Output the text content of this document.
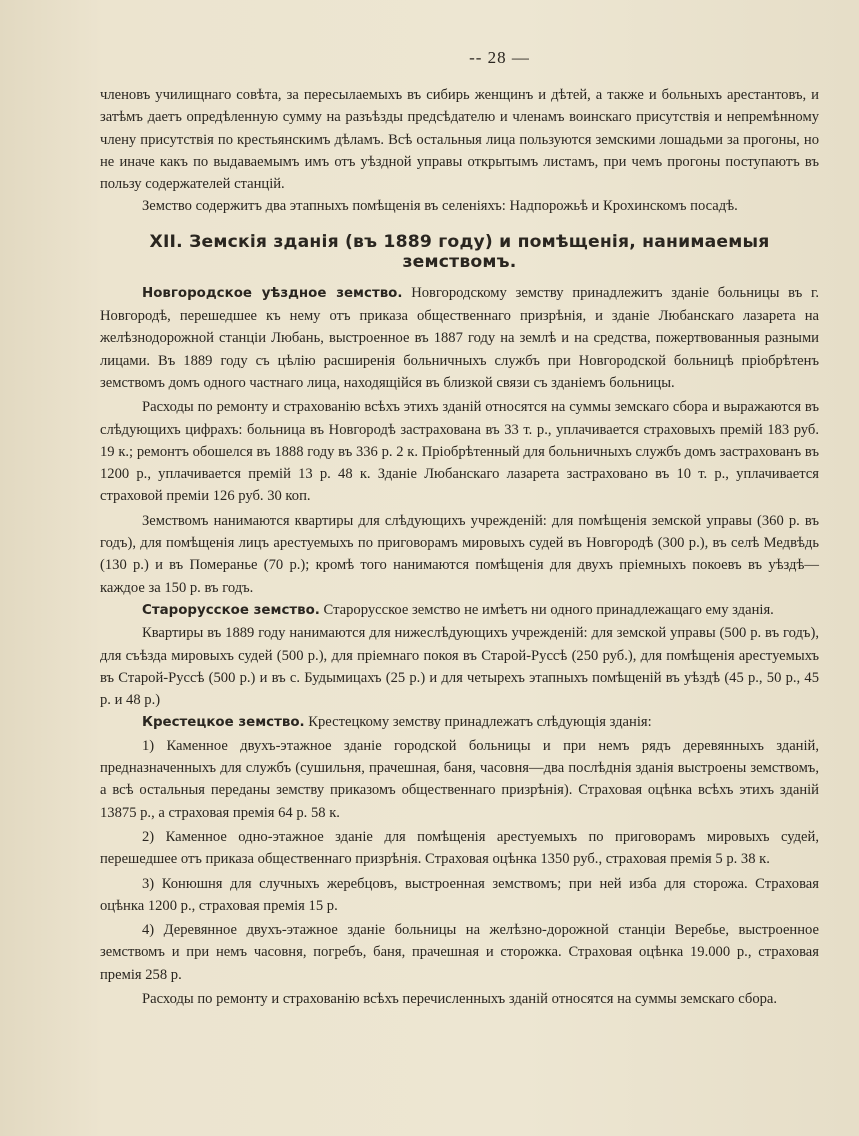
-- 28 —

членовъ училищнаго совѣта, за пересылаемыхъ въ сибирь женщинъ и дѣтей, а также и больныхъ арестантовъ, и затѣмъ даетъ опредѣленную сумму на разъѣзды предсѣдателю и членамъ воинскаго присутствія и непремѣнному члену присутствія по крестьянскимъ дѣламъ. Всѣ остальныя лица пользуются земскими лошадьми за прогоны, но не иначе какъ по выдаваемымъ имъ отъ уѣздной управы открытымъ листамъ, при чемъ прогоны поступаютъ въ пользу содержателей станцій.

Земство содержитъ два этапныхъ помѣщенія въ селеніяхъ: Надпорожьѣ и Крохинскомъ посадѣ.

XII. Земскія зданія (въ 1889 году) и помѣщенія, нанимаемыя земствомъ.

Новгородское уѣздное земство. Новгородскому земству принадлежитъ зданіе больницы въ г. Новгородѣ, перешедшее къ нему отъ приказа общественнаго призрѣнія, и зданіе Любанскаго лазарета на желѣзнодорожной станціи Любань, выстроенное въ 1887 году на землѣ и на средства, пожертвованныя разными лицами. Въ 1889 году съ цѣлію расширенія больничныхъ службъ при Новгородской больницѣ пріобрѣтенъ земствомъ домъ одного частнаго лица, находящійся въ близкой связи съ зданіемъ больницы.

Расходы по ремонту и страхованію всѣхъ этихъ зданій относятся на суммы земскаго сбора и выражаются въ слѣдующихъ цифрахъ: больница въ Новгородѣ застрахована въ 33 т. р., уплачивается страховыхъ премій 183 руб. 19 к.; ремонтъ обошелся въ 1888 году въ 336 р. 2 к. Пріобрѣтенный для больничныхъ службъ домъ застрахованъ въ 1200 р., уплачивается премій 13 р. 48 к. Зданіе Любанскаго лазарета застраховано въ 10 т. р., уплачивается страховой преміи 126 руб. 30 коп.

Земствомъ нанимаются квартиры для слѣдующихъ учрежденій: для помѣщенія земской управы (360 р. въ годъ), для помѣщенія лицъ арестуемыхъ по приговорамъ мировыхъ судей въ Новгородѣ (300 р.), въ селѣ Медвѣдь (130 р.) и въ Померанье (70 р.); кромѣ того нанимаются помѣщенія для двухъ пріемныхъ покоевъ въ уѣздѣ—каждое за 150 р. въ годъ.

Старорусское земство. Старорусское земство не имѣетъ ни одного принадлежащаго ему зданія.

Квартиры въ 1889 году нанимаются для нижеслѣдующихъ учрежденій: для земской управы (500 р. въ годъ), для съѣзда мировыхъ судей (500 р.), для пріемнаго покоя въ Старой-Руссѣ (250 руб.), для помѣщенія арестуемыхъ въ Старой-Руссѣ (500 р.) и въ с. Будымицахъ (25 р.) и для четырехъ этапныхъ помѣщеній въ уѣздѣ (45 р., 50 р., 45 р. и 48 р.)

Крестецкое земство. Крестецкому земству принадлежатъ слѣдующія зданія:

1) Каменное двухъ-этажное зданіе городской больницы и при немъ рядъ деревянныхъ зданій, предназначенныхъ для службъ (сушильня, прачешная, баня, часовня—два послѣднія зданія выстроены земствомъ, а всѣ остальныя переданы земству приказомъ общественнаго призрѣнія). Страховая оцѣнка всѣхъ этихъ зданій 13875 р., а страховая премія 64 р. 58 к.

2) Каменное одно-этажное зданіе для помѣщенія арестуемыхъ по приговорамъ мировыхъ судей, перешедшее отъ приказа общественнаго призрѣнія. Страховая оцѣнка 1350 руб., страховая премія 5 р. 38 к.

3) Конюшня для случныхъ жеребцовъ, выстроенная земствомъ; при ней изба для сторожа. Страховая оцѣнка 1200 р., страховая премія 15 р.

4) Деревянное двухъ-этажное зданіе больницы на желѣзно-дорожной станціи Веребье, выстроенное земствомъ и при немъ часовня, погребъ, баня, прачешная и сторожка. Страховая оцѣнка 19.000 р., страховая премія 258 р.

Расходы по ремонту и страхованію всѣхъ перечисленныхъ зданій относятся на суммы земскаго сбора.
